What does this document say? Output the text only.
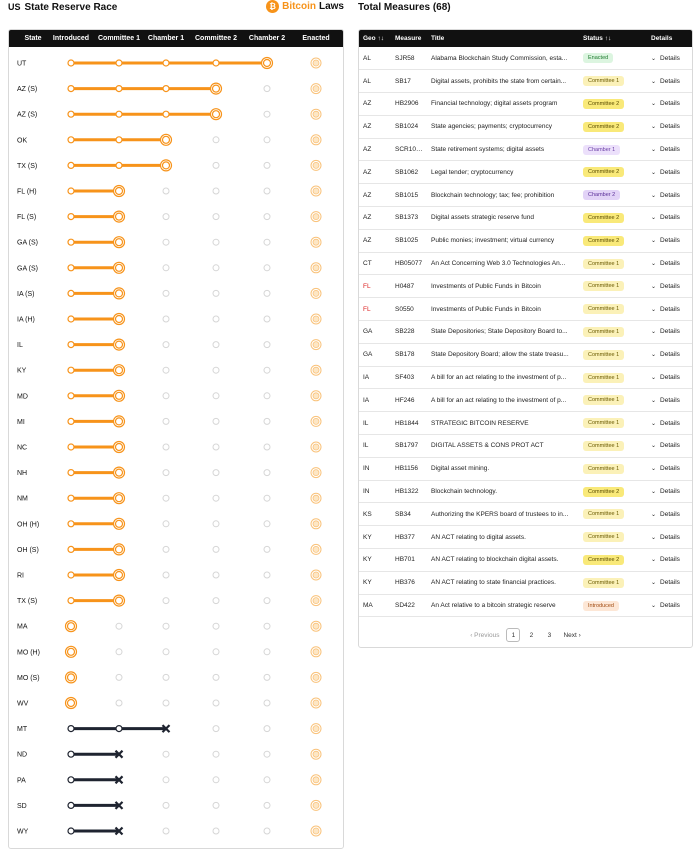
US State Reserve Race	₿ Bitcoin Laws
State Introduced Committee 1 Chamber 1 Committee 2 Chamber 2 Enacted
UT
AZ (S)
AZ (S)
OK
TX (S)
FL (H)
FL (S)
GA (S)
GA (S)
IA (S)
IA (H)
IL
KY
MD
MI
NC
NH
NM
OH (H)
OH (S)
RI
TX (S)
MA
MO (H)
MO (S)
WV
MT
ND
PA
SD
WY
Total Measures (68)
Geo ↑↓	Measure	Title	Status ↑↓	Details
AL	SJR58	Alabama Blockchain Study Commission, esta...	Enacted	⌄ Details
AL	SB17	Digital assets, prohibits the state from certain...	Committee 1	⌄ Details
AZ	HB2906	Financial technology; digital assets program	Committee 2	⌄ Details
AZ	SB1024	State agencies; payments; cryptocurrency	Committee 2	⌄ Details
AZ	SCR1005	State retirement systems; digital assets	Chamber 1	⌄ Details
AZ	SB1062	Legal tender; cryptocurrency	Committee 2	⌄ Details
AZ	SB1015	Blockchain technology; tax; fee; prohibition	Chamber 2	⌄ Details
AZ	SB1373	Digital assets strategic reserve fund	Committee 2	⌄ Details
AZ	SB1025	Public monies; investment; virtual currency	Committee 2	⌄ Details
CT	HB05077	An Act Concerning Web 3.0 Technologies An...	Committee 1	⌄ Details
FL	H0487	Investments of Public Funds in Bitcoin	Committee 1	⌄ Details
FL	S0550	Investments of Public Funds in Bitcoin	Committee 1	⌄ Details
GA	SB228	State Depositories; State Depository Board to...	Committee 1	⌄ Details
GA	SB178	State Depository Board; allow the state treasu...	Committee 1	⌄ Details
IA	SF403	A bill for an act relating to the investment of p...	Committee 1	⌄ Details
IA	HF246	A bill for an act relating to the investment of p...	Committee 1	⌄ Details
IL	HB1844	STRATEGIC BITCOIN RESERVE	Committee 1	⌄ Details
IL	SB1797	DIGITAL ASSETS & CONS PROT ACT	Committee 1	⌄ Details
IN	HB1156	Digital asset mining.	Committee 1	⌄ Details
IN	HB1322	Blockchain technology.	Committee 2	⌄ Details
KS	SB34	Authorizing the KPERS board of trustees to in...	Committee 1	⌄ Details
KY	HB377	AN ACT relating to digital assets.	Committee 1	⌄ Details
KY	HB701	AN ACT relating to blockchain digital assets.	Committee 2	⌄ Details
KY	HB376	AN ACT relating to state financial practices.	Committee 1	⌄ Details
MA	SD422	An Act relative to a bitcoin strategic reserve	Introduced	⌄ Details
‹ Previous	1	2	3	Next ›
